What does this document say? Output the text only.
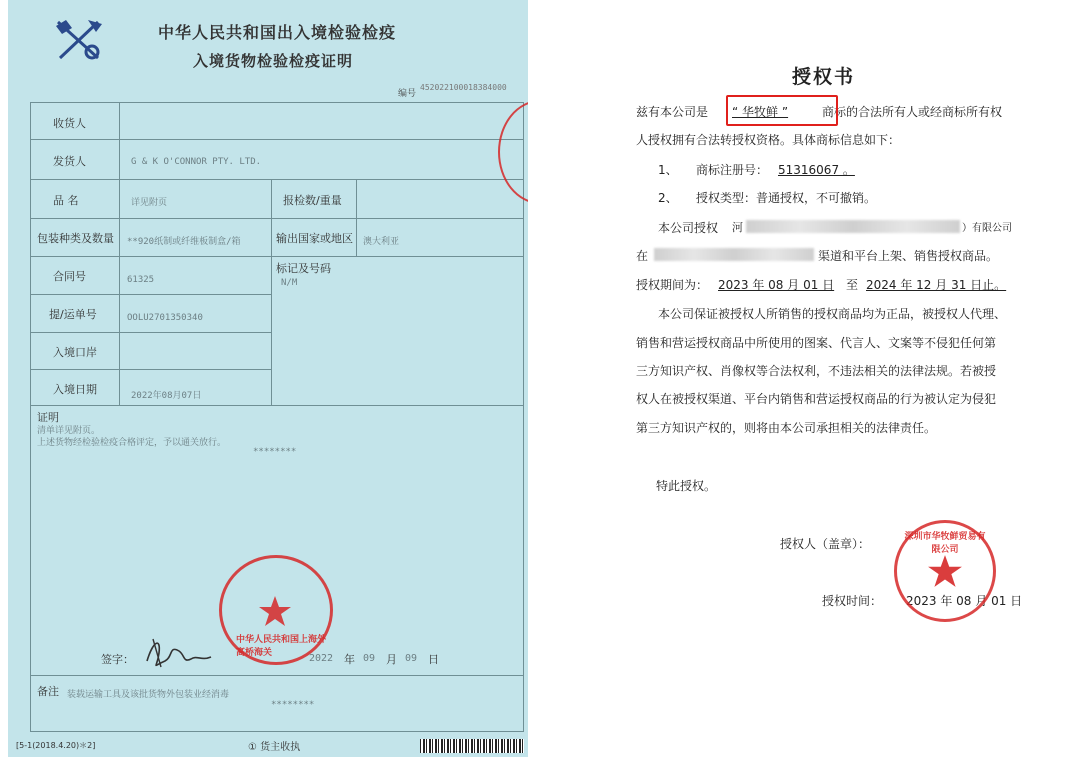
中华人民共和国出入境检验检疫
入境货物检验检疫证明
编号
452022100018384000
收货人
发货人	G & K O'CONNOR PTY. LTD.
品 名	详见附页	报检数/重量
包装种类及数量 **920纸制或纤维板制盒/箱	输出国家或地区 澳大利亚
合同号	61325
标记及号码
N/M
提/运单号	OOLU2701350340
入境口岸
入境日期	2022年08月07日
证明
清单详见附页。
上述货物经检验检疫合格评定，予以通关放行。
********
签字：	2022 年 09 月 09 日
备注 装载运输工具及该批货物外包装业经消毒
********
中华人民共和国上海外高桥海关
[5-1(2018.4.20)＊2]	① 货主收执
授权书
兹有本公司是 “ 华牧鲜 ”	商标的合法所有人或经商标所有权
人授权拥有合法转授权资格。具体商标信息如下：
1、 商标注册号： 51316067 。
2、 授权类型：普通授权，不可撤销。
本公司授权 河	）有限公司
在	渠道和平台上架、销售授权商品。
授权期间为： 2023 年 08 月 01 日 至 2024 年 12 月 31 日止。
本公司保证被授权人所销售的授权商品均为正品，被授权人代理、
销售和营运授权商品中所使用的图案、代言人、文案等不侵犯任何第
三方知识产权、肖像权等合法权利，不违法相关的法律法规。若被授
权人在被授权渠道、平台内销售和营运授权商品的行为被认定为侵犯
第三方知识产权的，则将由本公司承担相关的法律责任。
特此授权。
授权人（盖章）：
授权时间： 2023 年 08 月 01 日
深圳市华牧鲜贸易有限公司
